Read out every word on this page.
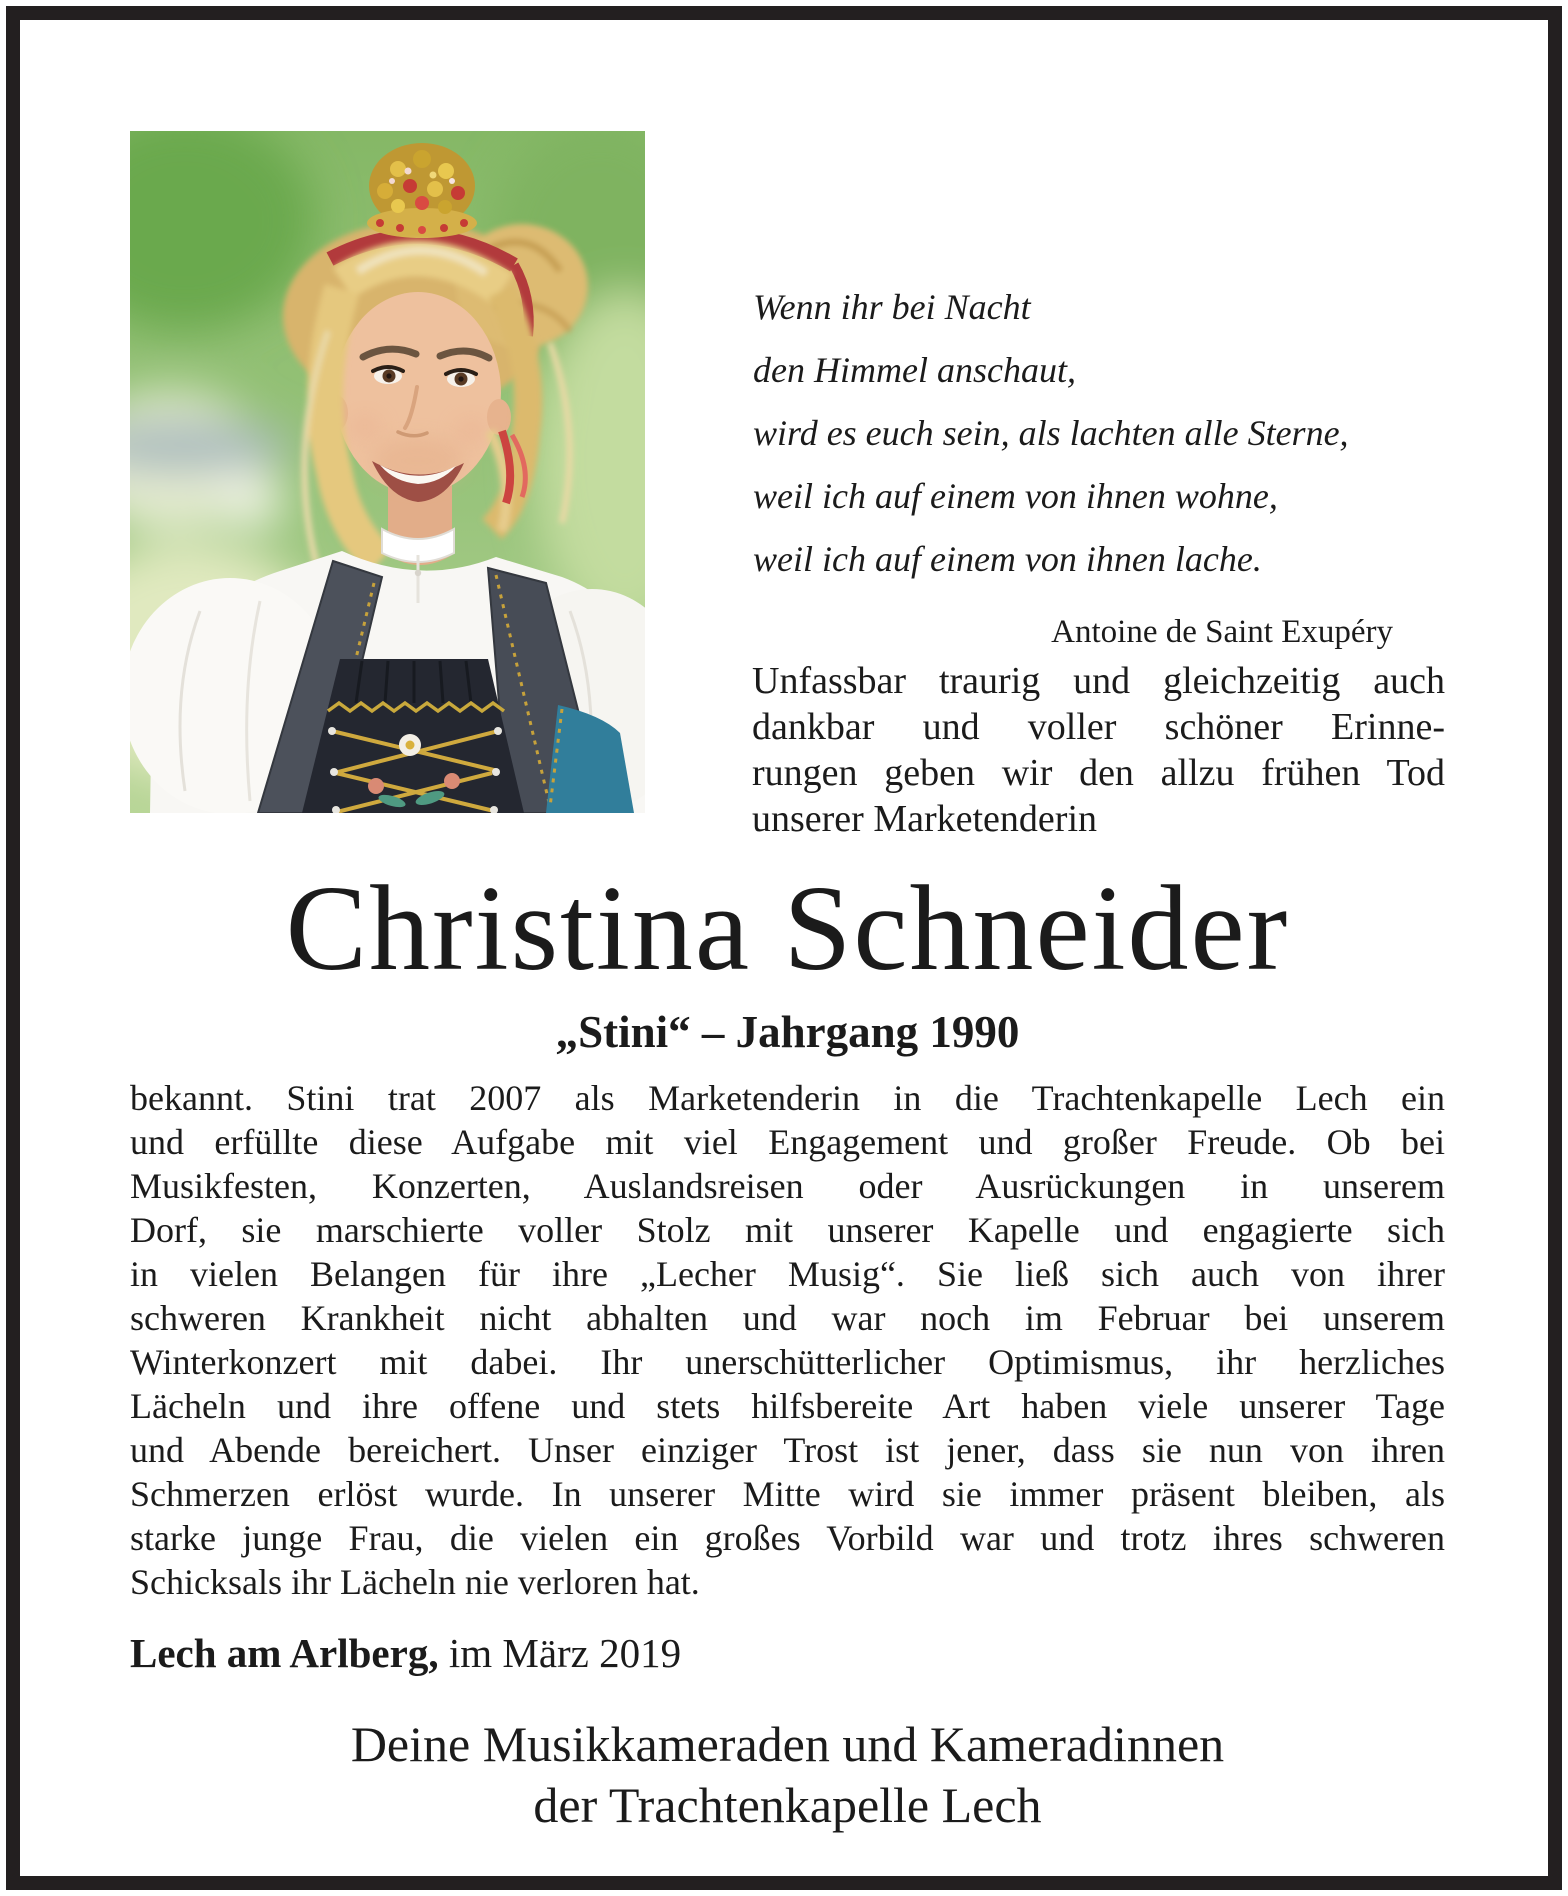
Wenn ihr bei Nacht
den Himmel anschaut,
wird es euch sein, als lachten alle Sterne,
weil ich auf einem von ihnen wohne,
weil ich auf einem von ihnen lache.
Antoine de Saint Exupéry
Unfassbar traurig und gleichzeitig auch
dankbar und voller schöner Erinne-
rungen geben wir den allzu frühen Tod
unserer Marketenderin
Christina Schneider
„Stini“ – Jahrgang 1990
bekannt. Stini trat 2007 als Marketenderin in die Trachtenkapelle Lech ein
und erfüllte diese Aufgabe mit viel Engagement und großer Freude. Ob bei
Musikfesten, Konzerten, Auslandsreisen oder Ausrückungen in unserem
Dorf, sie marschierte voller Stolz mit unserer Kapelle und engagierte sich
in vielen Belangen für ihre „Lecher Musig“. Sie ließ sich auch von ihrer
schweren Krankheit nicht abhalten und war noch im Februar bei unserem
Winterkonzert mit dabei. Ihr unerschütterlicher Optimismus, ihr herzliches
Lächeln und ihre offene und stets hilfsbereite Art haben viele unserer Tage
und Abende bereichert. Unser einziger Trost ist jener, dass sie nun von ihren
Schmerzen erlöst wurde. In unserer Mitte wird sie immer präsent bleiben, als
starke junge Frau, die vielen ein großes Vorbild war und trotz ihres schweren
Schicksals ihr Lächeln nie verloren hat.
Lech am Arlberg, im März 2019
Deine Musikkameraden und Kameradinnen
der Trachtenkapelle Lech
